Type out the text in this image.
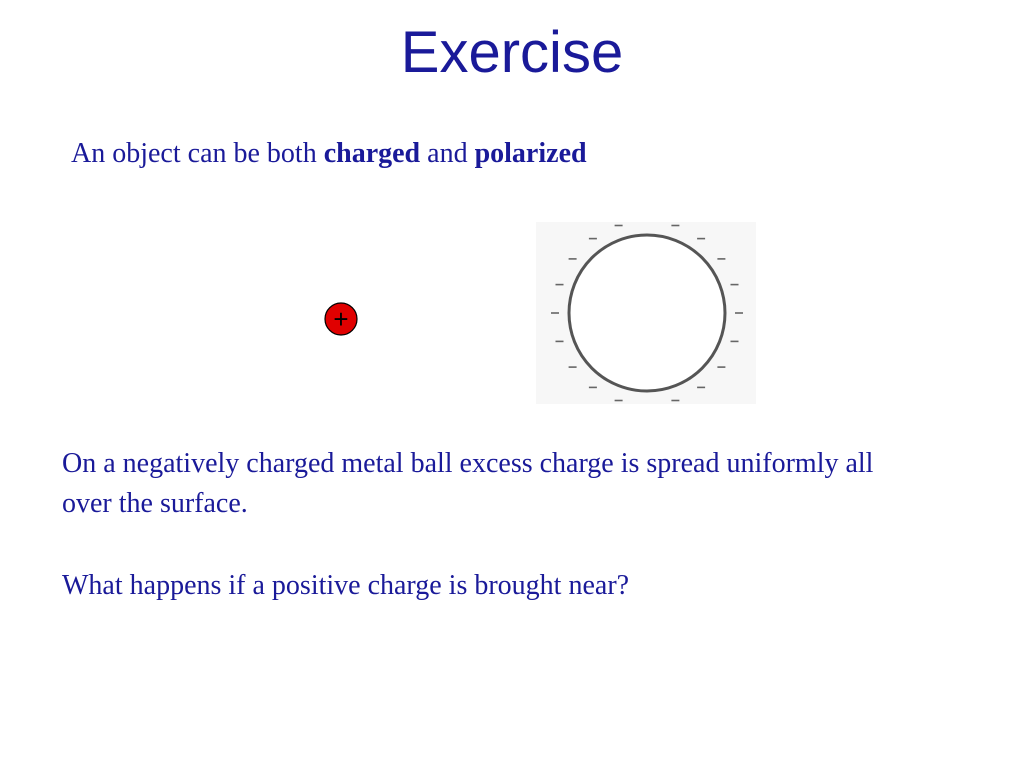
Exercise
An object can be both charged and polarized
+
On a negatively charged metal ball excess charge is spread uniformly all over the surface.
What happens if a positive charge is brought near?
